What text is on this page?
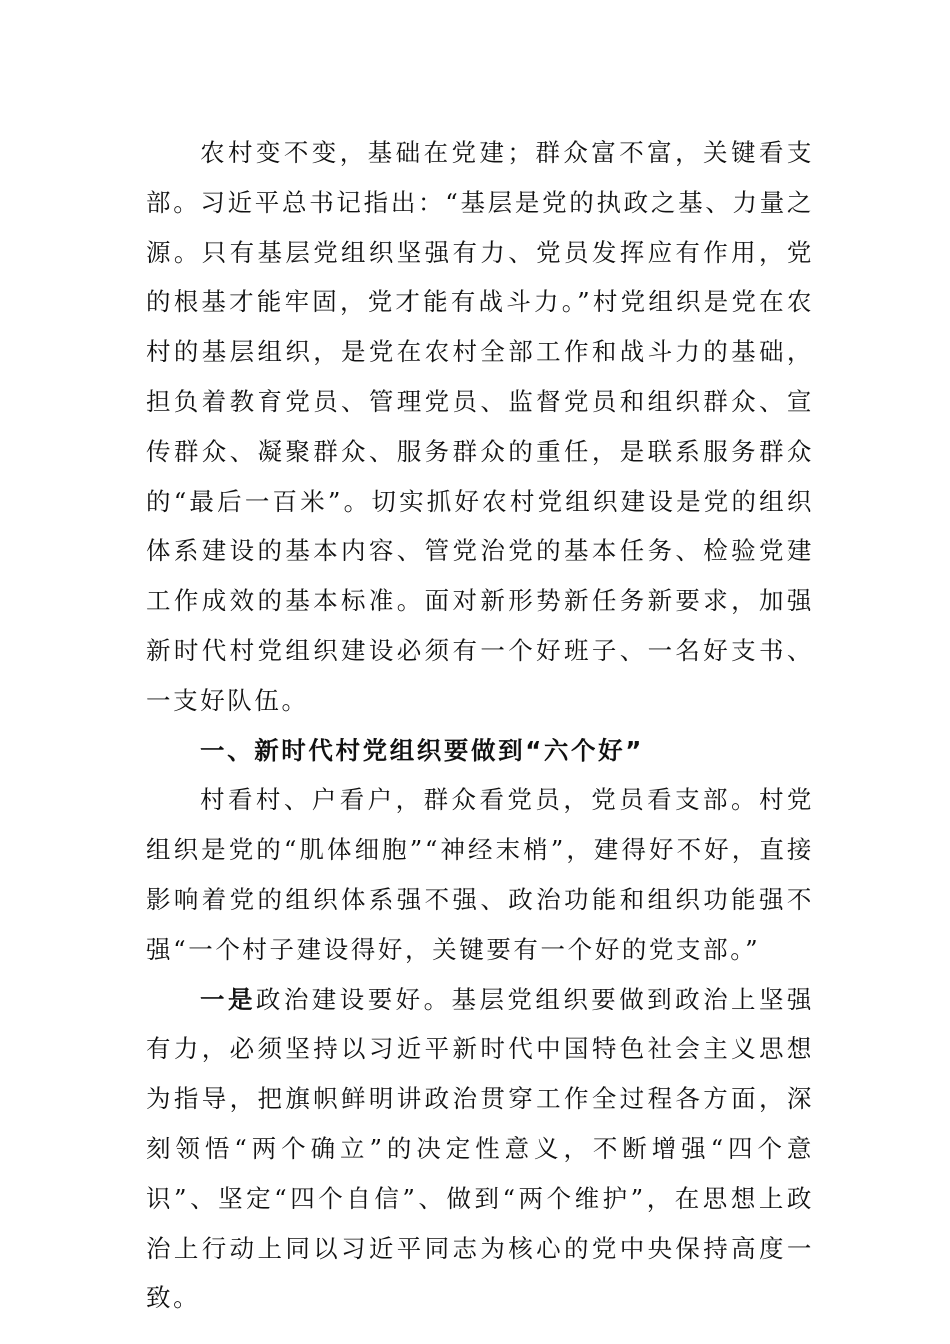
农村变不变，基础在党建；群众富不富，关键看支部。习近平总书记指出：“基层是党的执政之基、力量之源。只有基层党组织坚强有力、党员发挥应有作用，党的根基才能牢固，党才能有战斗力。”村党组织是党在农村的基层组织，是党在农村全部工作和战斗力的基础，担负着教育党员、管理党员、监督党员和组织群众、宣传群众、凝聚群众、服务群众的重任，是联系服务群众的“最后一百米”。切实抓好农村党组织建设是党的组织体系建设的基本内容、管党治党的基本任务、检验党建工作成效的基本标准。面对新形势新任务新要求，加强新时代村党组织建设必须有一个好班子、一名好支书、一支好队伍。

一、新时代村党组织要做到“六个好”

村看村、户看户，群众看党员，党员看支部。村党组织是党的“肌体细胞”“神经末梢”，建得好不好，直接影响着党的组织体系强不强、政治功能和组织功能强不强“一个村子建设得好，关键要有一个好的党支部。”

一是政治建设要好。基层党组织要做到政治上坚强有力，必须坚持以习近平新时代中国特色社会主义思想为指导，把旗帜鲜明讲政治贯穿工作全过程各方面，深刻领悟“两个确立”的决定性意义，不断增强“四个意识”、坚定“四个自信”、做到“两个维护”，在思想上政治上行动上同以习近平同志为核心的党中央保持高度一致。
